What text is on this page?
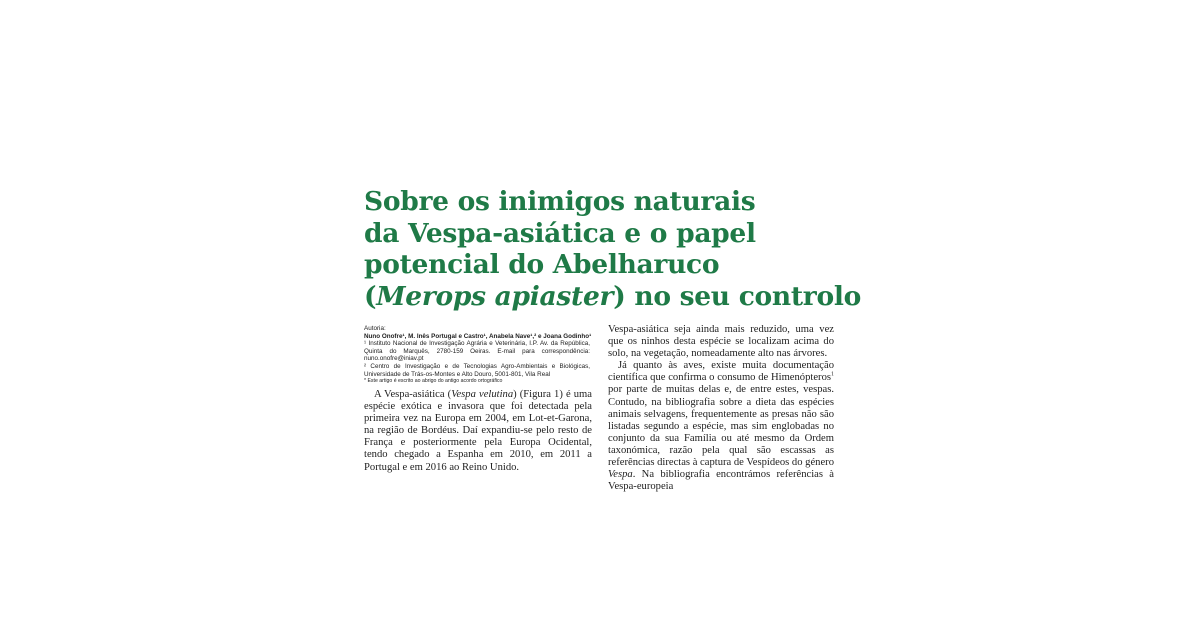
Sobre os inimigos naturais
da Vespa-asiática e o papel
potencial do Abelharuco
(Merops apiaster) no seu controlo
Autoria:
Nuno Onofre¹, M. Inês Portugal e Castro¹, Anabela Nave¹,² e Joana Godinho¹
¹ Instituto Nacional de Investigação Agrária e Veterinária, I.P. Av. da República, Quinta do Marquês, 2780-159 Oeiras. E-mail para correspondência: nuno.onofre@iniav.pt
² Centro de Investigação e de Tecnologias Agro-Ambientais e Biológicas, Universidade de Trás-os-Montes e Alto Douro, 5001-801, Vila Real
* Este artigo é escrito ao abrigo do antigo acordo ortográfico

A Vespa-asiática (Vespa velutina) (Figura 1) é uma espécie exótica e invasora que foi detectada pela primeira vez na Europa em 2004, em Lot-et-Garona, na região de Bordéus. Daí expandiu-se pelo resto de França e posteriormente pela Europa Ocidental, tendo chegado a Espanha em 2010, em 2011 a Portugal e em 2016 ao Reino Unido.

Vespa-asiática seja ainda mais reduzido, uma vez que os ninhos desta espécie se localizam acima do solo, na vegetação, nomeadamente alto nas árvores.

Já quanto às aves, existe muita documentação científica que confirma o consumo de Himenópteros$^1$ por parte de muitas delas e, de entre estes, vespas. Contudo, na bibliografia sobre a dieta das espécies animais selvagens, frequentemente as presas não são listadas segundo a espécie, mas sim englobadas no conjunto da sua Família ou até mesmo da Ordem taxonómica, razão pela qual são escassas as referências directas à captura de Vespídeos do género Vespa. Na bibliografia encontrámos referências à Vespa-europeia
